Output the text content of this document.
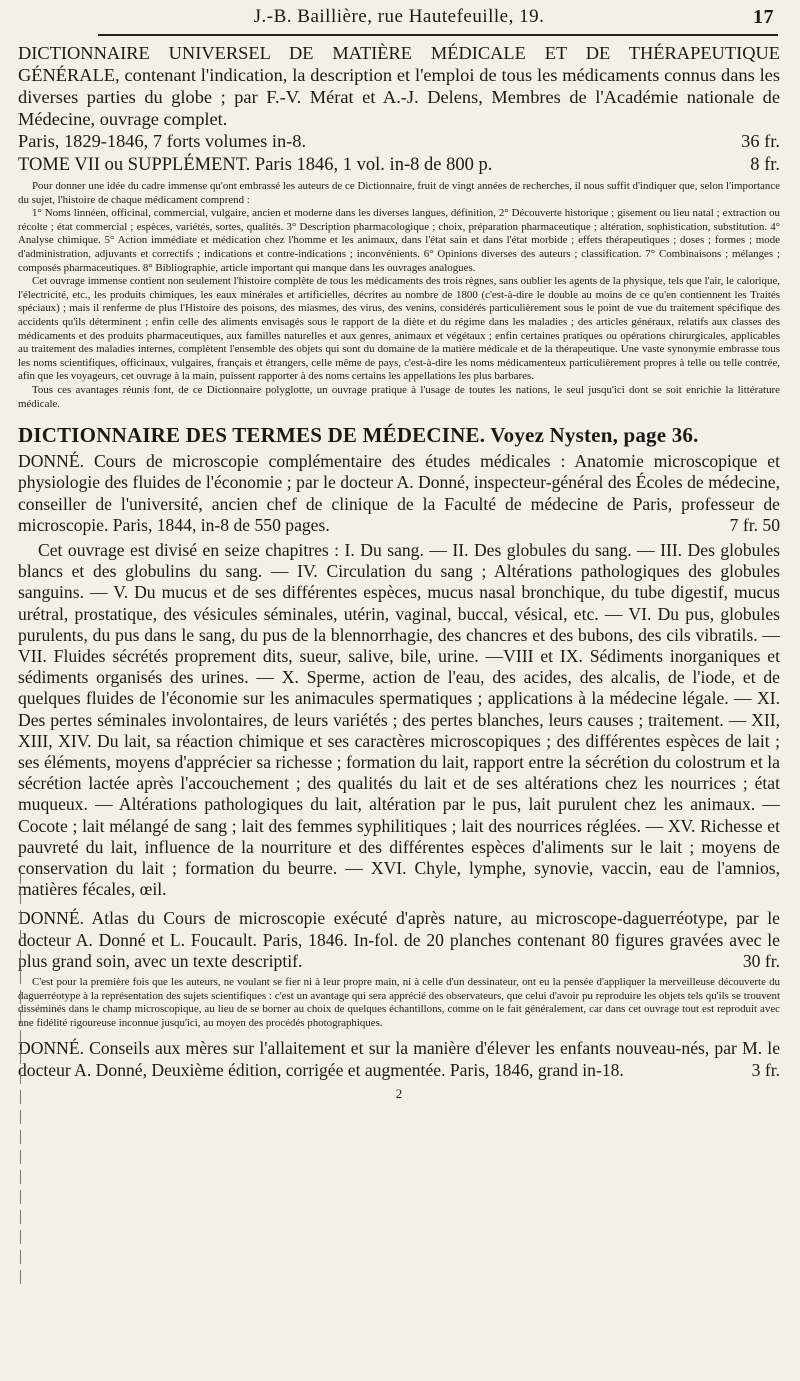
J.-B. Baillière, rue Hautefeuille, 19.	17

DICTIONNAIRE UNIVERSEL DE MATIÈRE MÉDICALE ET DE THÉRAPEUTIQUE GÉNÉRALE, contenant l'indication, la description et l'emploi de tous les médicaments connus dans les diverses parties du globe ; par F.-V. Mérat et A.-J. Delens, Membres de l'Académie nationale de Médecine, ouvrage complet.

Paris, 1829-1846, 7 forts volumes in-8.	36 fr.

TOME VII ou SUPPLÉMENT. Paris 1846, 1 vol. in-8 de 800 p.	8 fr.

Pour donner une idée du cadre immense qu'ont embrassé les auteurs de ce Dictionnaire, fruit de vingt années de recherches, il nous suffit d'indiquer que, selon l'importance du sujet, l'histoire de chaque médicament comprend :

1° Noms linnéen, officinal, commercial, vulgaire, ancien et moderne dans les diverses langues, définition, 2° Découverte historique ; gisement ou lieu natal ; extraction ou récolte ; état commercial ; espèces, variétés, sortes, qualités. 3° Description pharmacologique ; choix, préparation pharmaceutique ; altération, sophistication, substitution. 4° Analyse chimique. 5° Action immédiate et médication chez l'homme et les animaux, dans l'état sain et dans l'état morbide ; effets thérapeutiques ; doses ; formes ; mode d'administration, adjuvants et correctifs ; indications et contre-indications ; inconvénients. 6° Opinions diverses des auteurs ; classification. 7° Combinaisons ; mélanges ; composés pharmaceutiques. 8° Bibliographie, article important qui manque dans les ouvrages analogues.

Cet ouvrage immense contient non seulement l'histoire complète de tous les médicaments des trois règnes, sans oublier les agents de la physique, tels que l'air, le calorique, l'électricité, etc., les produits chimiques, les eaux minérales et artificielles, décrites au nombre de 1800 (c'est-à-dire le double au moins de ce qu'en contiennent les Traités spéciaux) ; mais il renferme de plus l'Histoire des poisons, des miasmes, des virus, des venins, considérés particulièrement sous le point de vue du traitement spécifique des accidents qu'ils déterminent ; enfin celle des aliments envisagés sous le rapport de la diète et du régime dans les maladies ; des articles généraux, relatifs aux classes des médicaments et des produits pharmaceutiques, aux familles naturelles et aux genres, animaux et végétaux ; enfin certaines pratiques ou opérations chirurgicales, applicables au traitement des maladies internes, complètent l'ensemble des objets qui sont du domaine de la matière médicale et de la thérapeutique. Une vaste synonymie embrasse tous les noms scientifiques, officinaux, vulgaires, français et étrangers, celle même de pays, c'est-à-dire les noms médicamenteux particulièrement propres à telle ou telle contrée, afin que les voyageurs, cet ouvrage à la main, puissent rapporter à des noms certains les appellations les plus barbares.

Tous ces avantages réunis font, de ce Dictionnaire polyglotte, un ouvrage pratique à l'usage de toutes les nations, le seul jusqu'ici dont se soit enrichie la littérature médicale.

DICTIONNAIRE DES TERMES DE MÉDECINE. Voyez Nysten, page 36.

DONNÉ. Cours de microscopie complémentaire des études médicales : Anatomie microscopique et physiologie des fluides de l'économie ; par le docteur A. Donné, inspecteur-général des Écoles de médecine, conseiller de l'université, ancien chef de clinique de la Faculté de médecine de Paris, professeur de microscopie. Paris, 1844, in-8 de 550 pages.	7 fr. 50

Cet ouvrage est divisé en seize chapitres : I. Du sang. — II. Des globules du sang. — III. Des globules blancs et des globulins du sang. — IV. Circulation du sang ; Altérations pathologiques des globules sanguins. — V. Du mucus et de ses différentes espèces, mucus nasal bronchique, du tube digestif, mucus urétral, prostatique, des vésicules séminales, utérin, vaginal, buccal, vésical, etc. — VI. Du pus, globules purulents, du pus dans le sang, du pus de la blennorrhagie, des chancres et des bubons, des cils vibratils. — VII. Fluides sécrétés proprement dits, sueur, salive, bile, urine. —VIII et IX. Sédiments inorganiques et sédiments organisés des urines. — X. Sperme, action de l'eau, des acides, des alcalis, de l'iode, et de quelques fluides de l'économie sur les animacules spermatiques ; applications à la médecine légale. — XI. Des pertes séminales involontaires, de leurs variétés ; des pertes blanches, leurs causes ; traitement. — XII, XIII, XIV. Du lait, sa réaction chimique et ses caractères microscopiques ; des différentes espèces de lait ; ses éléments, moyens d'apprécier sa richesse ; formation du lait, rapport entre la sécrétion du colostrum et la sécrétion lactée après l'accouchement ; des qualités du lait et de ses altérations chez les nourrices ; état muqueux. — Altérations pathologiques du lait, altération par le pus, lait purulent chez les animaux. — Cocote ; lait mélangé de sang ; lait des femmes syphilitiques ; lait des nourrices réglées. — XV. Richesse et pauvreté du lait, influence de la nourriture et des différentes espèces d'aliments sur le lait ; moyens de conservation du lait ; formation du beurre. — XVI. Chyle, lymphe, synovie, vaccin, eau de l'amnios, matières fécales, œil.

DONNÉ. Atlas du Cours de microscopie exécuté d'après nature, au microscope-daguerréotype, par le docteur A. Donné et L. Foucault. Paris, 1846. In-fol. de 20 planches contenant 80 figures gravées avec le plus grand soin, avec un texte descriptif.	30 fr.

C'est pour la première fois que les auteurs, ne voulant se fier ni à leur propre main, ni à celle d'un dessinateur, ont eu la pensée d'appliquer la merveilleuse découverte du daguerréotype à la représentation des sujets scientifiques : c'est un avantage qui sera apprécié des observateurs, que celui d'avoir pu reproduire les objets tels qu'ils se trouvent disséminés dans le champ microscopique, au lieu de se borner au choix de quelques échantillons, comme on le fait généralement, car dans cet ouvrage tout est reproduit avec une fidélité rigoureuse inconnue jusqu'ici, au moyen des procédés photographiques.

DONNÉ. Conseils aux mères sur l'allaitement et sur la manière d'élever les enfants nouveau-nés, par M. le docteur A. Donné, Deuxième édition, corrigée et augmentée. Paris, 1846, grand in-18.	3 fr.

2
